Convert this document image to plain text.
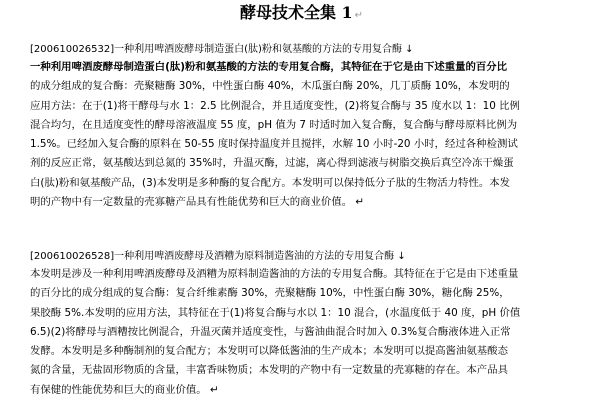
酵母技术全集 1 ↵
[200610026532]一种利用啤酒废酵母制造蛋白(肽)粉和氨基酸的方法的专用复合酶 ↓
一种利用啤酒废酵母制造蛋白(肽)粉和氨基酸的方法的专用复合酶，其特征在于它是由下述重量的百分比
的成分组成的复合酶：壳聚糖酶 30%，中性蛋白酶 40%，木瓜蛋白酶 20%，几丁质酶 10%，本发明的
应用方法：在于(1)将干酵母与水 1：2.5 比例混合，并且适度变性，(2)将复合酶与 35 度水以 1：10 比例
混合均匀，在且适度变性的酵母溶液温度 55 度，pH 值为 7 时适时加入复合酶，复合酶与酵母原料比例为
1.5%。已经加入复合酶的原料在 50-55 度时保持温度并且搅拌，水解 10 小时-20 小时，经过各种检测试
剂的反应正常，氨基酸达到总氮的 35%时，升温灭酶，过滤，离心得到滤液与树脂交换后真空冷冻干燥蛋
白(肽)粉和氨基酸产品，(3)本发明是多种酶的复合配方。本发明可以保持低分子肽的生物活力特性。本发
明的产物中有一定数量的壳寡糖产品具有性能优势和巨大的商业价值。 ↵
[200610026528]一种利用啤酒废酵母及酒糟为原料制造酱油的方法的专用复合酶 ↓
本发明是涉及一种利用啤酒废酵母及酒糟为原料制造酱油的方法的专用复合酶。其特征在于它是由下述重量
的百分比的成分组成的复合酶：复合纤维素酶 30%，壳聚糖酶 10%，中性蛋白酶 30%，糖化酶 25%，
果胶酶 5%.本发明的应用方法，其特征在于(1)将复合酶与水以 1：10 混合，(水温度低于 40 度，pH 价值
6.5)(2)将酵母与酒糟按比例混合，升温灭菌并适度变性，与酱油曲混合时加入 0.3%复合酶液体进入正常
发酵。本发明是多种酶制剂的复合配方；本发明可以降低酱油的生产成本；本发明可以提高酱油氨基酸态
氮的含量，无盐固形物质的含量，丰富香味物质；本发明的产物中有一定数量的壳寡糖的存在。本产品具
有保健的性能优势和巨大的商业价值。 ↵
